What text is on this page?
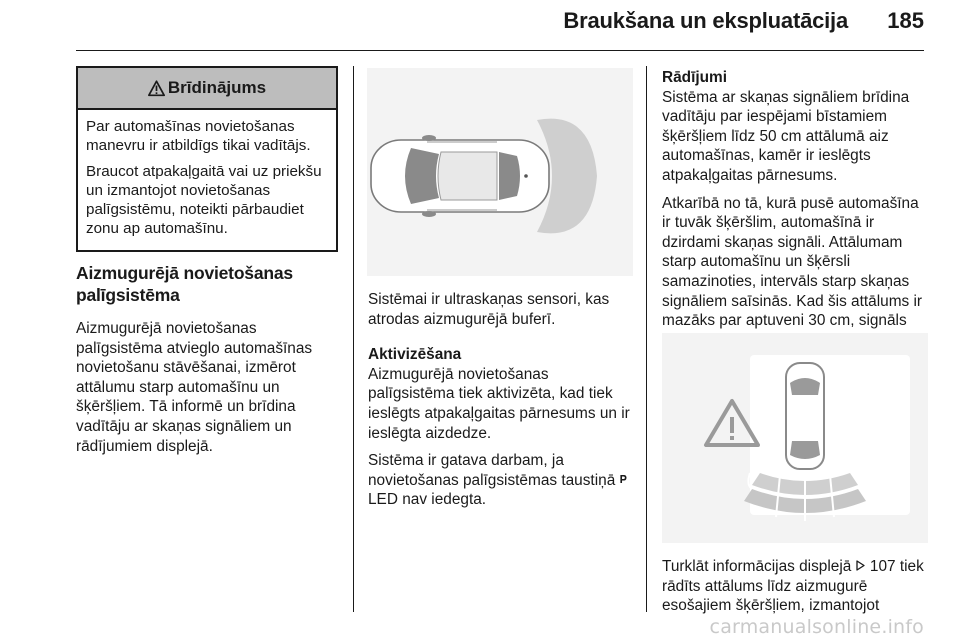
Braukšana un ekspluatācija 185
Brīdinājums

Par automašīnas novietošanas manevru ir atbildīgs tikai vadītājs.

Braucot atpakaļgaitā vai uz priekšu un izmantojot novietošanas palīgsistēmu, noteikti pārbaudiet zonu ap automašīnu.

Aizmugurējā novietošanas palīgsistēma

Aizmugurējā novietošanas palīgsistēma atvieglo automašīnas novietošanu stāvēšanai, izmērot attālumu starp automašīnu un šķēršļiem. Tā informē un brīdina vadītāju ar skaņas signāliem un rādījumiem displejā.

Sistēmai ir ultraskaņas sensori, kas atrodas aizmugurējā buferī.

Aktivizēšana

Aizmugurējā novietošanas palīgsistēma tiek aktivizēta, kad tiek ieslēgts atpakaļgaitas pārnesums un ir ieslēgta aizdedze.

Sistēma ir gatava darbam, ja novietošanas palīgsistēmas taustiņā 𝐏 LED nav iedegta.

Rādījumi

Sistēma ar skaņas signāliem brīdina vadītāju par iespējami bīstamiem šķēršļiem līdz 50 cm attālumā aiz automašīnas, kamēr ir ieslēgts atpakaļgaitas pārnesums.

Atkarībā no tā, kurā pusē automašīna ir tuvāk šķēršlim, automašīnā ir dzirdami skaņas signāli. Attālumam starp automašīnu un šķērsli samazinoties, intervāls starp skaņas signāliem saīsinās. Kad šis attālums ir mazāks par aptuveni 30 cm, signāls

Turklāt informācijas displejā 107 tiek rādīts attālums līdz aizmugurē esošajiem šķēršļiem, izmantojot

carmanualsonline.info
